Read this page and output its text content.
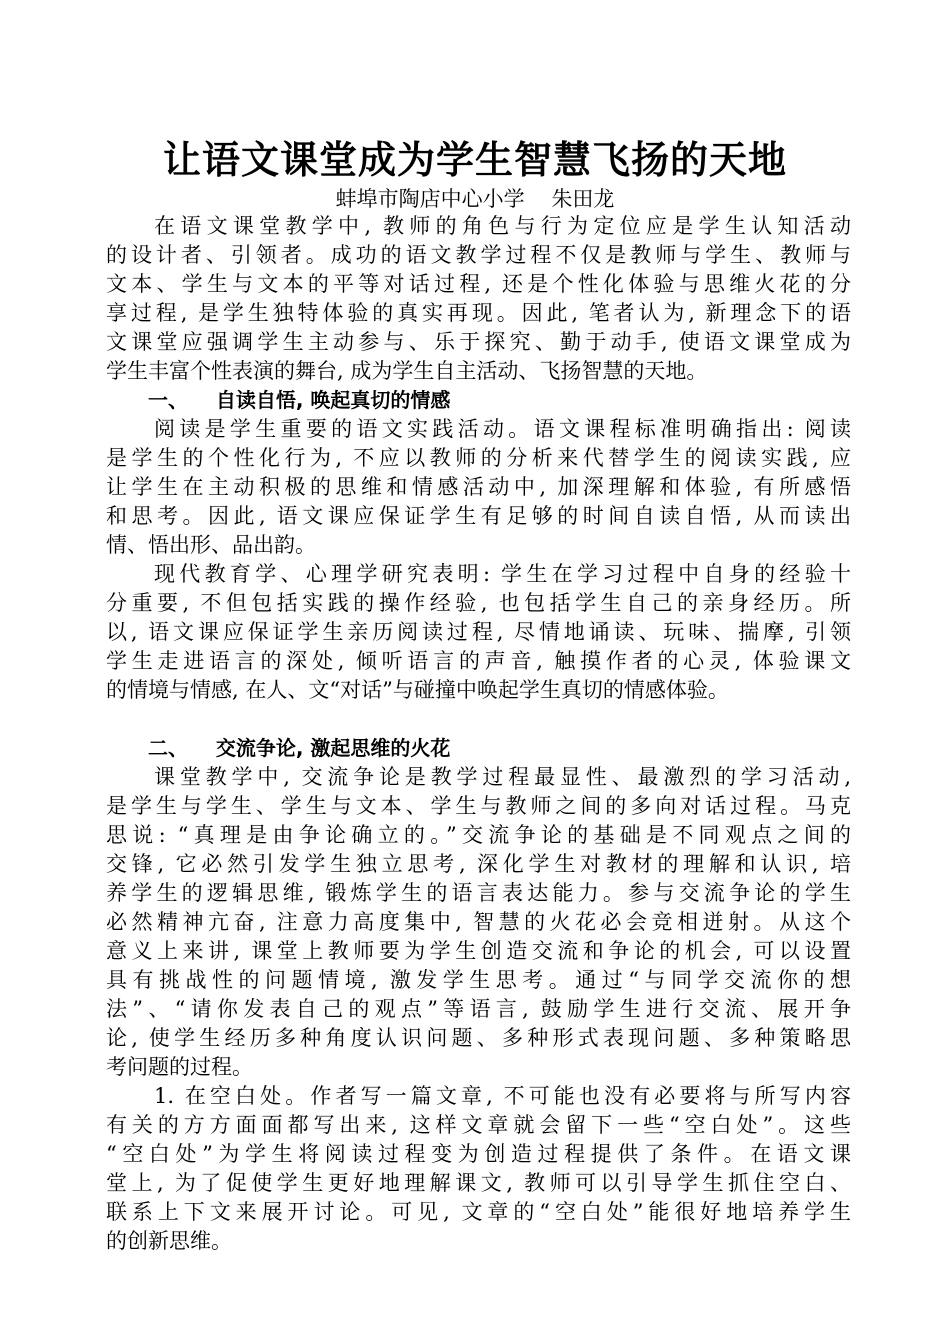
让语文课堂成为学生智慧飞扬的天地

蚌埠市陶店中心小学    朱田龙

在语文课堂教学中, 教师的角色与行为定位应是学生认知活动
的设计者、引领者。成功的语文教学过程不仅是教师与学生、教师与
文本、学生与文本的平等对话过程, 还是个性化体验与思维火花的分
享过程, 是学生独特体验的真实再现。因此, 笔者认为, 新理念下的语
文课堂应强调学生主动参与、乐于探究、勤于动手, 使语文课堂成为
学生丰富个性表演的舞台, 成为学生自主活动、飞扬智慧的天地。
一、    自读自悟, 唤起真切的情感
阅读是学生重要的语文实践活动。语文课程标准明确指出: 阅读
是学生的个性化行为, 不应以教师的分析来代替学生的阅读实践, 应
让学生在主动积极的思维和情感活动中, 加深理解和体验, 有所感悟
和思考。因此, 语文课应保证学生有足够的时间自读自悟, 从而读出
情、悟出形、品出韵。
现代教育学、心理学研究表明: 学生在学习过程中自身的经验十
分重要, 不但包括实践的操作经验, 也包括学生自己的亲身经历。所
以, 语文课应保证学生亲历阅读过程, 尽情地诵读、玩味、揣摩, 引领
学生走进语言的深处, 倾听语言的声音, 触摸作者的心灵, 体验课文
的情境与情感, 在人、文“对话”与碰撞中唤起学生真切的情感体验。
二、    交流争论, 激起思维的火花
课堂教学中, 交流争论是教学过程最显性、最激烈的学习活动,
是学生与学生、学生与文本、学生与教师之间的多向对话过程。马克
思说: “真理是由争论确立的。”交流争论的基础是不同观点之间的
交锋, 它必然引发学生独立思考, 深化学生对教材的理解和认识, 培
养学生的逻辑思维, 锻炼学生的语言表达能力。参与交流争论的学生
必然精神亢奋, 注意力高度集中, 智慧的火花必会竞相迸射。从这个
意义上来讲, 课堂上教师要为学生创造交流和争论的机会, 可以设置
具有挑战性的问题情境, 激发学生思考。通过“与同学交流你的想
法”、“请你发表自己的观点”等语言, 鼓励学生进行交流、展开争
论, 使学生经历多种角度认识问题、多种形式表现问题、多种策略思
考问题的过程。
1. 在空白处。作者写一篇文章, 不可能也没有必要将与所写内容
有关的方方面面都写出来, 这样文章就会留下一些“空白处”。这些
“空白处”为学生将阅读过程变为创造过程提供了条件。在语文课
堂上, 为了促使学生更好地理解课文, 教师可以引导学生抓住空白、
联系上下文来展开讨论。可见, 文章的“空白处”能很好地培养学生
的创新思维。
